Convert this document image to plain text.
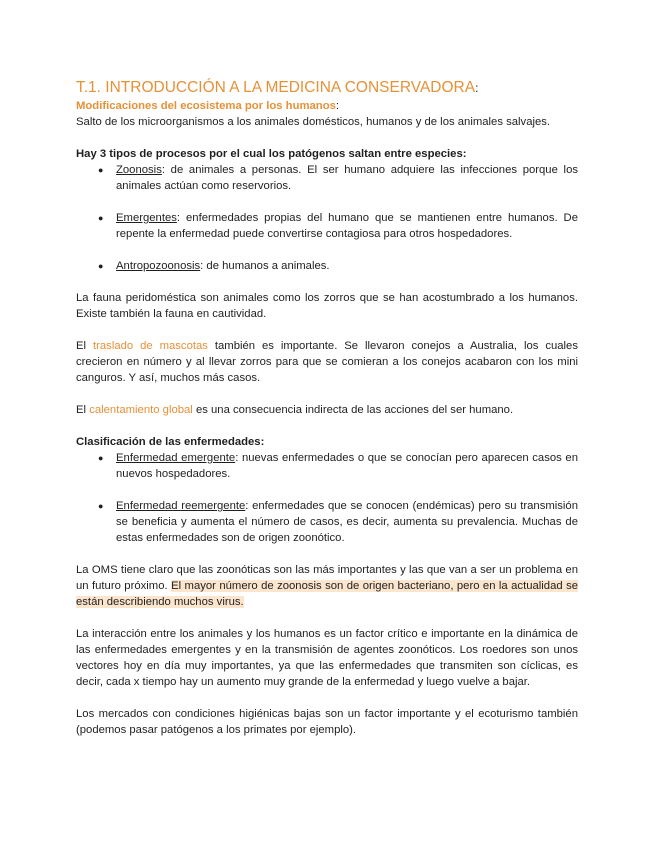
T.1. INTRODUCCIÓN A LA MEDICINA CONSERVADORA:

Modificaciones del ecosistema por los humanos:

Salto de los microorganismos a los animales domésticos, humanos y de los animales salvajes.

Hay 3 tipos de procesos por el cual los patógenos saltan entre especies:

● Zoonosis: de animales a personas. El ser humano adquiere las infecciones porque los animales actúan como reservorios.
● Emergentes: enfermedades propias del humano que se mantienen entre humanos. De repente la enfermedad puede convertirse contagiosa para otros hospedadores.
● Antropozoonosis: de humanos a animales.

La fauna peridoméstica son animales como los zorros que se han acostumbrado a los humanos. Existe también la fauna en cautividad.

El traslado de mascotas también es importante. Se llevaron conejos a Australia, los cuales crecieron en número y al llevar zorros para que se comieran a los conejos acabaron con los mini canguros. Y así, muchos más casos.

El calentamiento global es una consecuencia indirecta de las acciones del ser humano.

Clasificación de las enfermedades:

● Enfermedad emergente: nuevas enfermedades o que se conocían pero aparecen casos en nuevos hospedadores.
● Enfermedad reemergente: enfermedades que se conocen (endémicas) pero su transmisión se beneficia y aumenta el número de casos, es decir, aumenta su prevalencia. Muchas de estas enfermedades son de origen zoonótico.

La OMS tiene claro que las zoonóticas son las más importantes y las que van a ser un problema en un futuro próximo. El mayor número de zoonosis son de origen bacteriano, pero en la actualidad se están describiendo muchos virus.

La interacción entre los animales y los humanos es un factor crítico e importante en la dinámica de las enfermedades emergentes y en la transmisión de agentes zoonóticos. Los roedores son unos vectores hoy en día muy importantes, ya que las enfermedades que transmiten son cíclicas, es decir, cada x tiempo hay un aumento muy grande de la enfermedad y luego vuelve a bajar.

Los mercados con condiciones higiénicas bajas son un factor importante y el ecoturismo también (podemos pasar patógenos a los primates por ejemplo).
